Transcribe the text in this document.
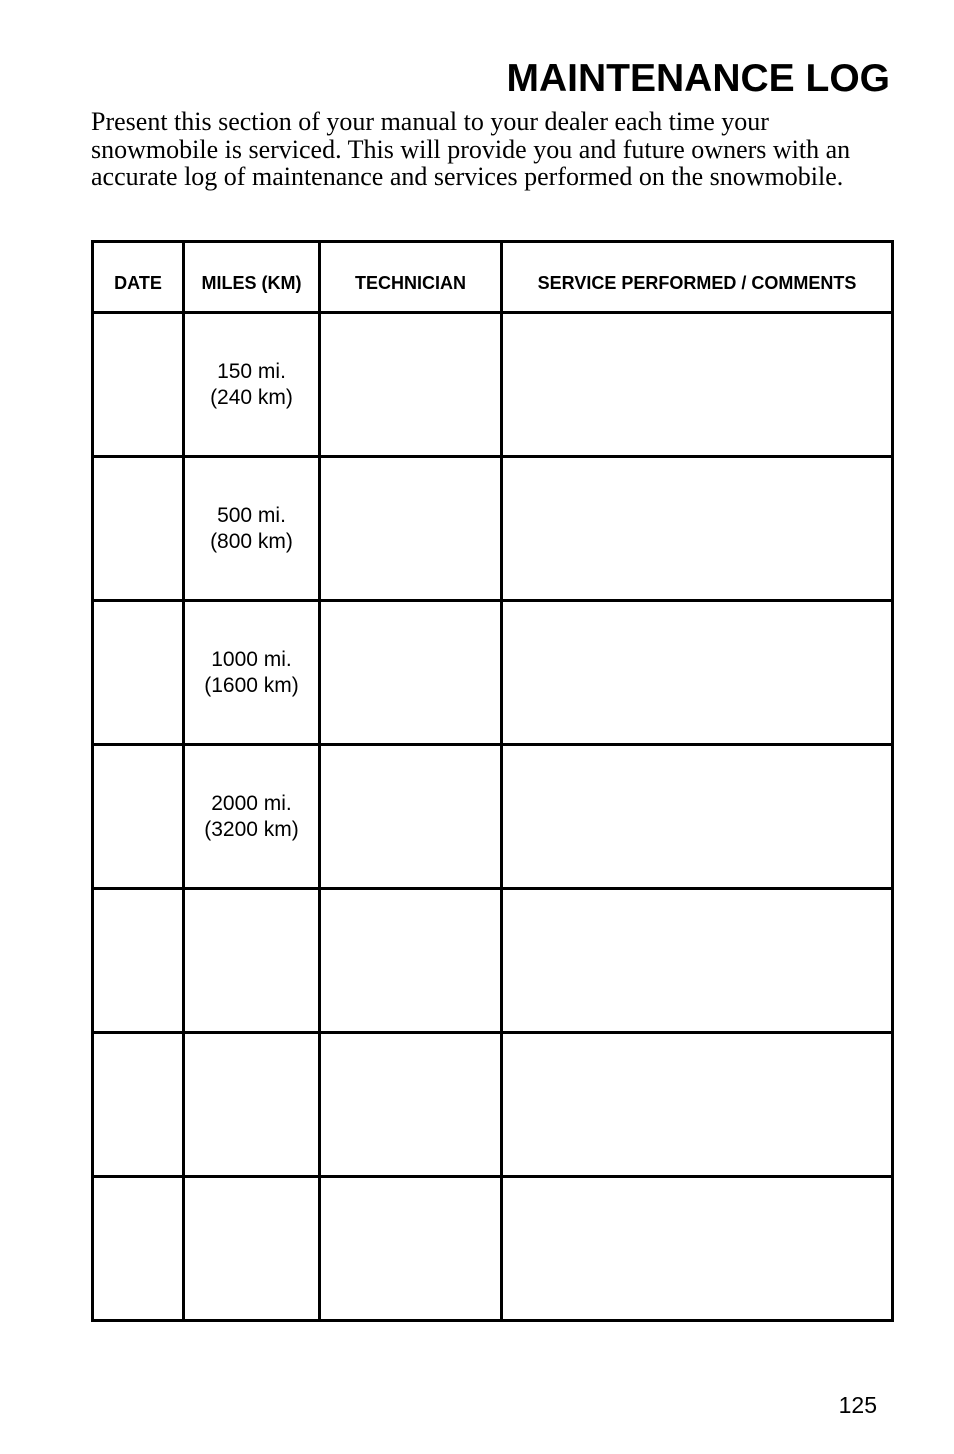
MAINTENANCE LOG

Present this section of your manual to your dealer each time your snowmobile is serviced. This will provide you and future owners with an accurate log of maintenance and services performed on the snowmobile.

DATE	MILES (KM)	TECHNICIAN	SERVICE PERFORMED / COMMENTS

	150 mi.
(240 km)		

	500 mi.
(800 km)		

	1000 mi.
(1600 km)		

	2000 mi.
(3200 km)		

125
